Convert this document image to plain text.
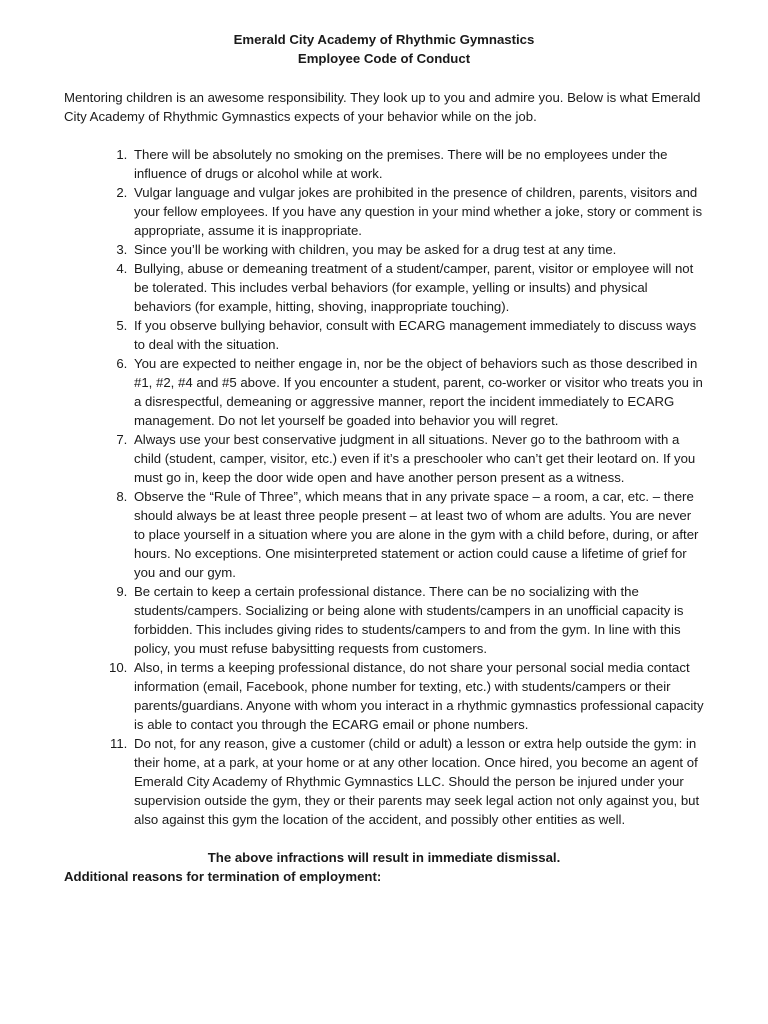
Emerald City Academy of Rhythmic Gymnastics

Employee Code of Conduct

Mentoring children is an awesome responsibility. They look up to you and admire you. Below is what Emerald City Academy of Rhythmic Gymnastics expects of your behavior while on the job.

1. There will be absolutely no smoking on the premises. There will be no employees under the influence of drugs or alcohol while at work.
2. Vulgar language and vulgar jokes are prohibited in the presence of children, parents, visitors and your fellow employees. If you have any question in your mind whether a joke, story or comment is appropriate, assume it is inappropriate.
3. Since you’ll be working with children, you may be asked for a drug test at any time.
4. Bullying, abuse or demeaning treatment of a student/camper, parent, visitor or employee will not be tolerated. This includes verbal behaviors (for example, yelling or insults) and physical behaviors (for example, hitting, shoving, inappropriate touching).
5. If you observe bullying behavior, consult with ECARG management immediately to discuss ways to deal with the situation.
6. You are expected to neither engage in, nor be the object of behaviors such as those described in #1, #2, #4 and #5 above. If you encounter a student, parent, co-worker or visitor who treats you in a disrespectful, demeaning or aggressive manner, report the incident immediately to ECARG management. Do not let yourself be goaded into behavior you will regret.
7. Always use your best conservative judgment in all situations. Never go to the bathroom with a child (student, camper, visitor, etc.) even if it’s a preschooler who can’t get their leotard on. If you must go in, keep the door wide open and have another person present as a witness.
8. Observe the “Rule of Three”, which means that in any private space – a room, a car, etc. – there should always be at least three people present – at least two of whom are adults. You are never to place yourself in a situation where you are alone in the gym with a child before, during, or after hours. No exceptions. One misinterpreted statement or action could cause a lifetime of grief for you and our gym.
9. Be certain to keep a certain professional distance. There can be no socializing with the students/campers. Socializing or being alone with students/campers in an unofficial capacity is forbidden. This includes giving rides to students/campers to and from the gym. In line with this policy, you must refuse babysitting requests from customers.
10. Also, in terms a keeping professional distance, do not share your personal social media contact information (email, Facebook, phone number for texting, etc.) with students/campers or their parents/guardians. Anyone with whom you interact in a rhythmic gymnastics professional capacity is able to contact you through the ECARG email or phone numbers.
11. Do not, for any reason, give a customer (child or adult) a lesson or extra help outside the gym: in their home, at a park, at your home or at any other location. Once hired, you become an agent of Emerald City Academy of Rhythmic Gymnastics LLC. Should the person be injured under your supervision outside the gym, they or their parents may seek legal action not only against you, but also against this gym the location of the accident, and possibly other entities as well.

The above infractions will result in immediate dismissal.

Additional reasons for termination of employment:
